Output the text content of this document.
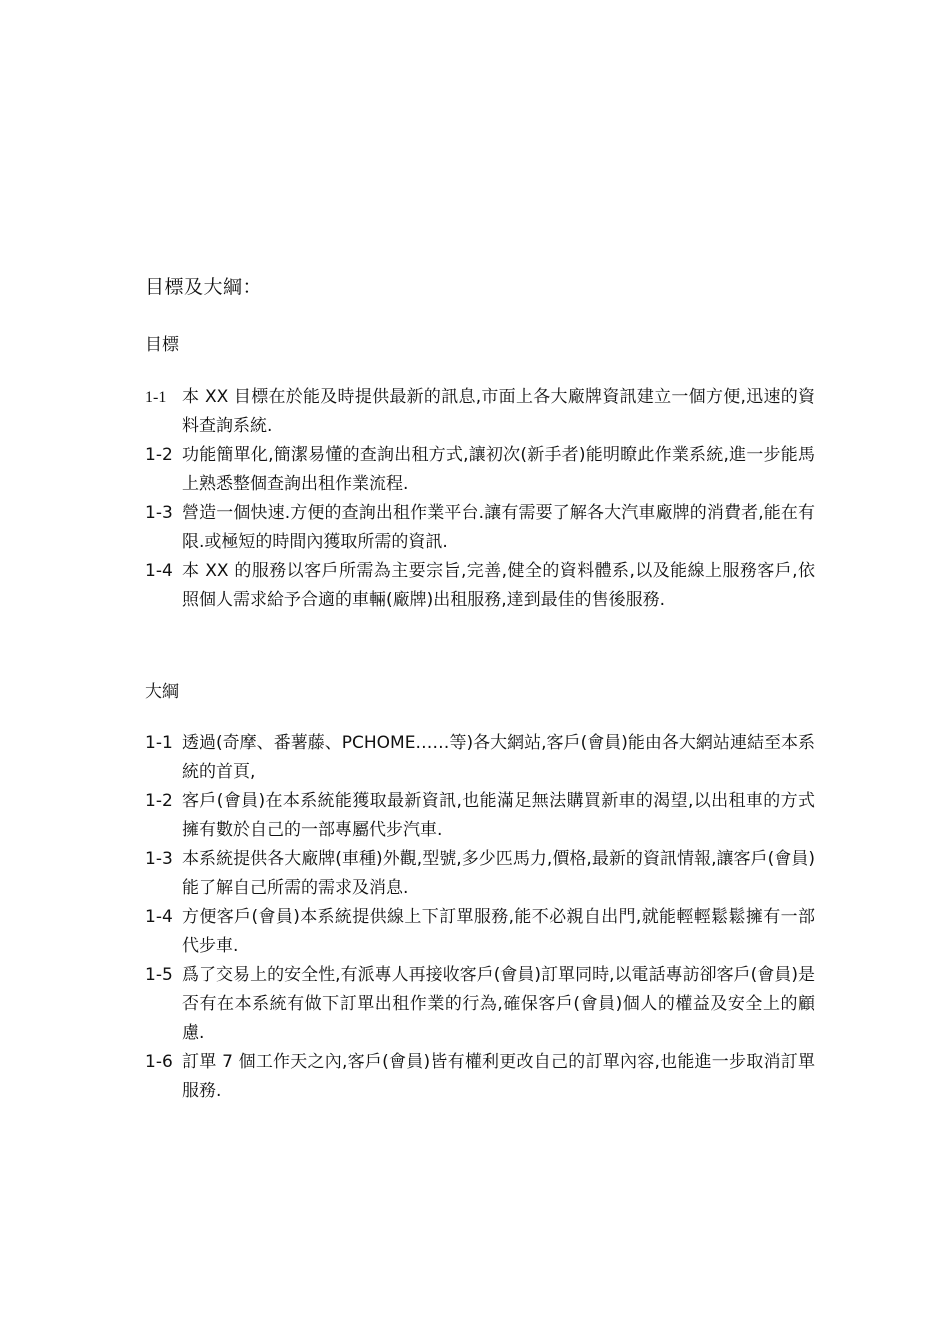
目標及大綱：
目標
1-1 本 XX 目標在於能及時提供最新的訊息,市面上各大廠牌資訊建立一個方便,迅速的資料查詢系統.
1-2 功能簡單化,簡潔易懂的查詢出租方式,讓初次(新手者)能明瞭此作業系統,進一步能馬上熟悉整個查詢出租作業流程.
1-3 營造一個快速.方便的查詢出租作業平台.讓有需要了解各大汽車廠牌的消費者,能在有限.或極短的時間內獲取所需的資訊.
1-4 本 XX 的服務以客戶所需為主要宗旨,完善,健全的資料體系,以及能線上服務客戶,依照個人需求給予合適的車輛(廠牌)出租服務,達到最佳的售後服務.
大綱
1-1 透過(奇摩、番薯藤、PCHOME……等)各大網站,客戶(會員)能由各大網站連結至本系統的首頁,
1-2 客戶(會員)在本系統能獲取最新資訊,也能滿足無法購買新車的渴望,以出租車的方式擁有數於自己的一部專屬代步汽車.
1-3 本系統提供各大廠牌(車種)外觀,型號,多少匹馬力,價格,最新的資訊情報,讓客戶(會員)能了解自己所需的需求及消息.
1-4 方便客戶(會員)本系統提供線上下訂單服務,能不必親自出門,就能輕輕鬆鬆擁有一部代步車.
1-5 爲了交易上的安全性,有派專人再接收客戶(會員)訂單同時,以電話專訪卻客戶(會員)是否有在本系統有做下訂單出租作業的行為,確保客戶(會員)個人的權益及安全上的顧慮.
1-6 訂單 7 個工作天之內,客戶(會員)皆有權利更改自己的訂單內容,也能進一步取消訂單服務.
